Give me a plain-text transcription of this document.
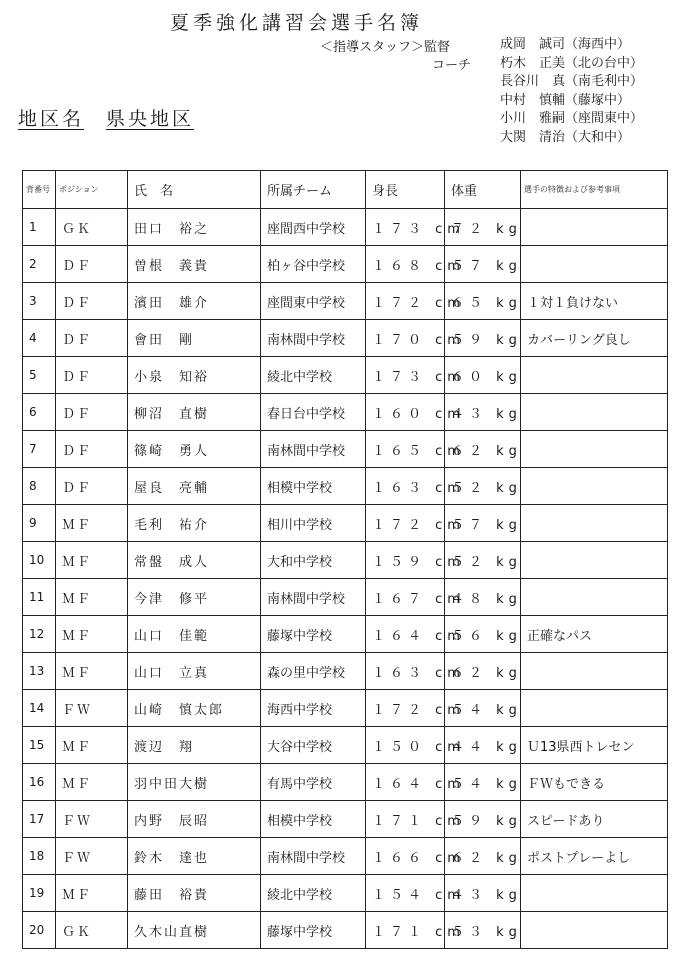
夏季強化講習会選手名簿
＜指導スタッフ＞監督
コーチ
成岡　誠司（海西中）
朽木　正美（北の台中）
長谷川　真（南毛利中）
中村　慎輔（藤塚中）
小川　雅嗣（座間東中）
大関　清治（大和中）
地区名 県央地区
背番号	ポジション	氏　名	所属チーム	身長	体重	選手の特徴および参考事項
1	ＧＫ	田口　裕之	座間西中学校	１７３ cm	７２ kg	
2	ＤＦ	曽根　義貴	柏ヶ谷中学校	１６８ cm	５７ kg	
3	ＤＦ	濱田　雄介	座間東中学校	１７２ cm	６５ kg	１対１負けない
4	ＤＦ	會田　剛	南林間中学校	１７０ cm	５９ kg	カバーリング良し
5	ＤＦ	小泉　知裕	綾北中学校	１７３ cm	６０ kg	
6	ＤＦ	柳沼　直樹	春日台中学校	１６０ cm	４３ kg	
7	ＤＦ	篠崎　勇人	南林間中学校	１６５ cm	６２ kg	
8	ＤＦ	屋良　亮輔	相模中学校	１６３ cm	５２ kg	
9	ＭＦ	毛利　祐介	相川中学校	１７２ cm	５７ kg	
10	ＭＦ	常盤　成人	大和中学校	１５９ cm	５２ kg	
11	ＭＦ	今津　修平	南林間中学校	１６７ cm	４８ kg	
12	ＭＦ	山口　佳範	藤塚中学校	１６４ cm	５６ kg	正確なパス
13	ＭＦ	山口　立真	森の里中学校	１６３ cm	６２ kg	
14	ＦＷ	山崎　慎太郎	海西中学校	１７２ cm	５４ kg	
15	ＭＦ	渡辺　翔	大谷中学校	１５０ cm	４４ kg	Ｕ13県西トレセン
16	ＭＦ	羽中田大樹	有馬中学校	１６４ cm	５４ kg	ＦＷもできる
17	ＦＷ	内野　辰昭	相模中学校	１７１ cm	５９ kg	スピードあり
18	ＦＷ	鈴木　達也	南林間中学校	１６６ cm	６２ kg	ポストプレーよし
19	ＭＦ	藤田　裕貴	綾北中学校	１５４ cm	４３ kg	
20	ＧＫ	久木山直樹	藤塚中学校	１７１ cm	５３ kg	
